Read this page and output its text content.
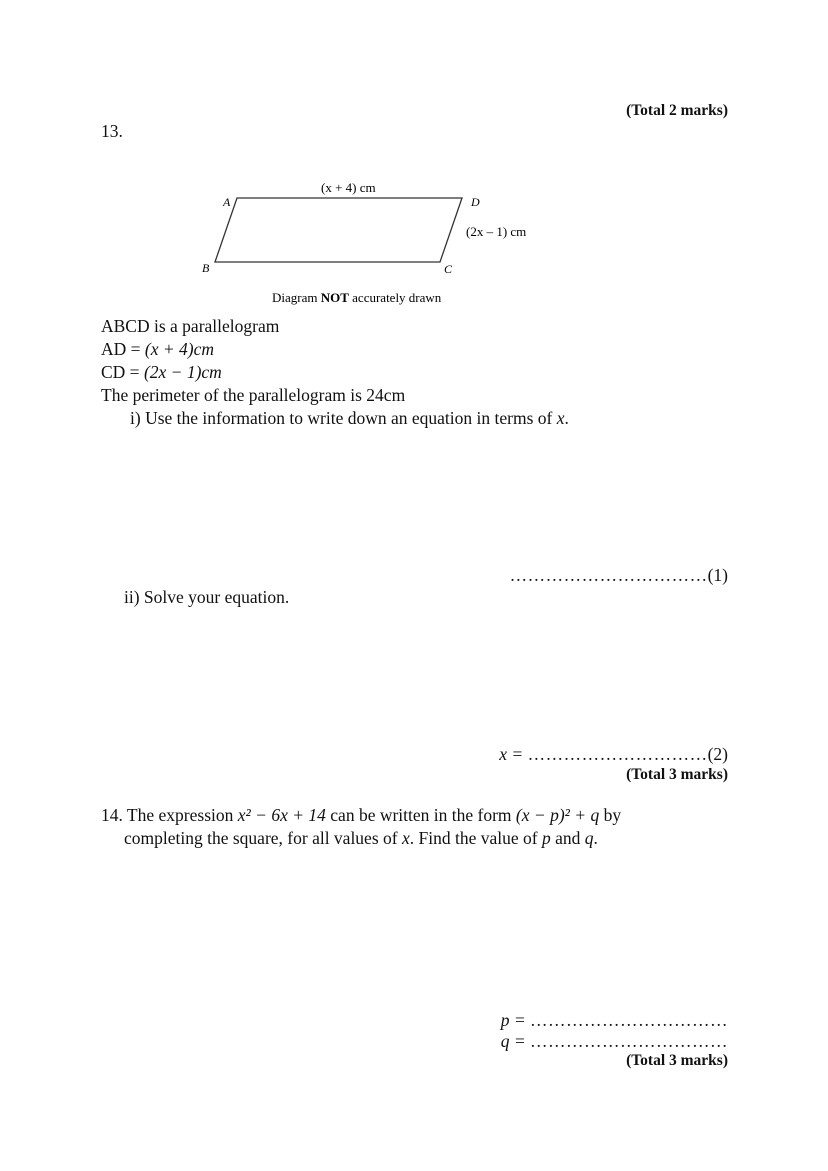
(Total 2 marks)
13.
A	D
B	C
(x + 4) cm
(2x – 1) cm
Diagram NOT accurately drawn
ABCD is a parallelogram
AD = (x + 4)cm
CD = (2x − 1)cm
The perimeter of the parallelogram is 24cm
i) Use the information to write down an equation in terms of x.
……………………………(1)
ii) Solve your equation.
x = …………………………(2)
(Total 3 marks)
14. The expression x² − 6x + 14 can be written in the form (x − p)² + q by
completing the square, for all values of x. Find the value of p and q.
p = ……………………………
q = ……………………………
(Total 3 marks)
